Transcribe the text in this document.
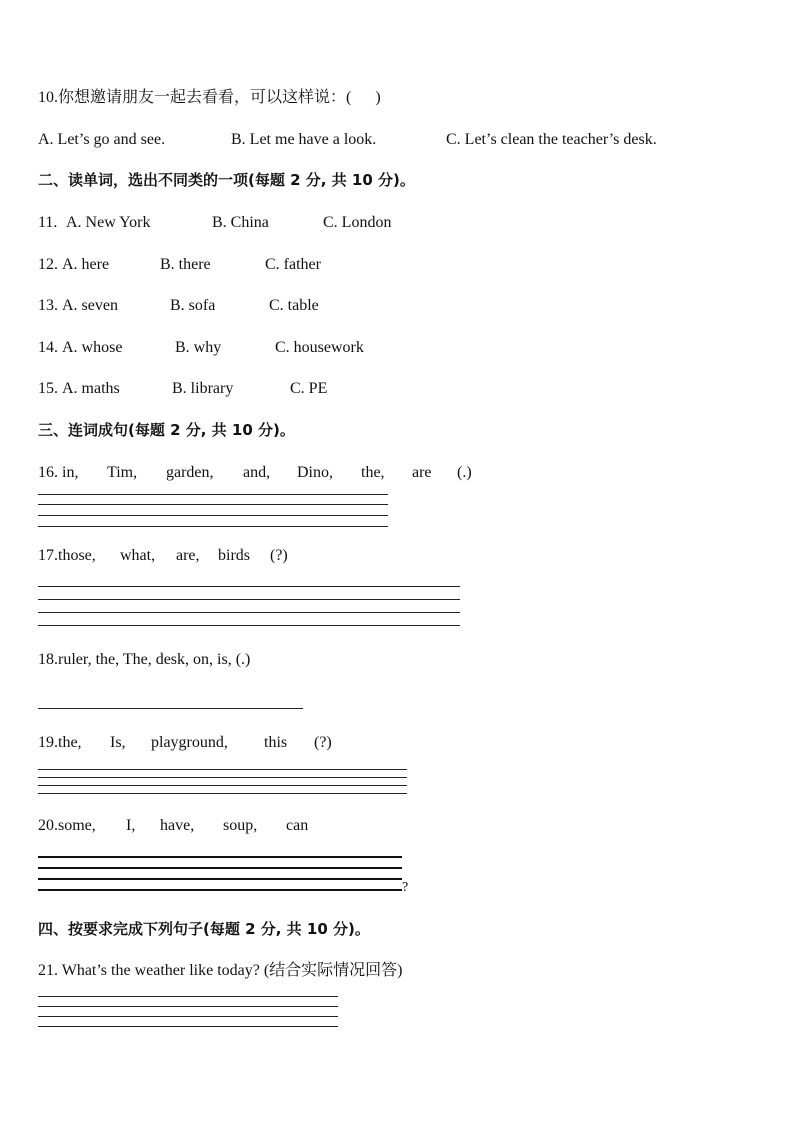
10.你想邀请朋友一起去看看，可以这样说：(      )
A. Let’s go and see.	B. Let me have a look.	C. Let’s clean the teacher’s desk.
二、读单词，选出不同类的一项(每题 2 分, 共 10 分)。
11. A. New York	B. China	C. London
12. A. here	B. there	C. father
13. A. seven	B. sofa	C. table
14. A. whose	B. why	C. housework
15. A. maths	B. library	C. PE
三、连词成句(每题 2 分, 共 10 分)。
16. in, Tim, garden, and, Dino, the, are (.)
17.those, what, are, birds (?)
18.ruler, the, The, desk, on, is, (.)
19.the, Is, playground, this (?)
20.some, I, have, soup, can
?
四、按要求完成下列句子(每题 2 分, 共 10 分)。
21. What’s the weather like today? (结合实际情况回答)
